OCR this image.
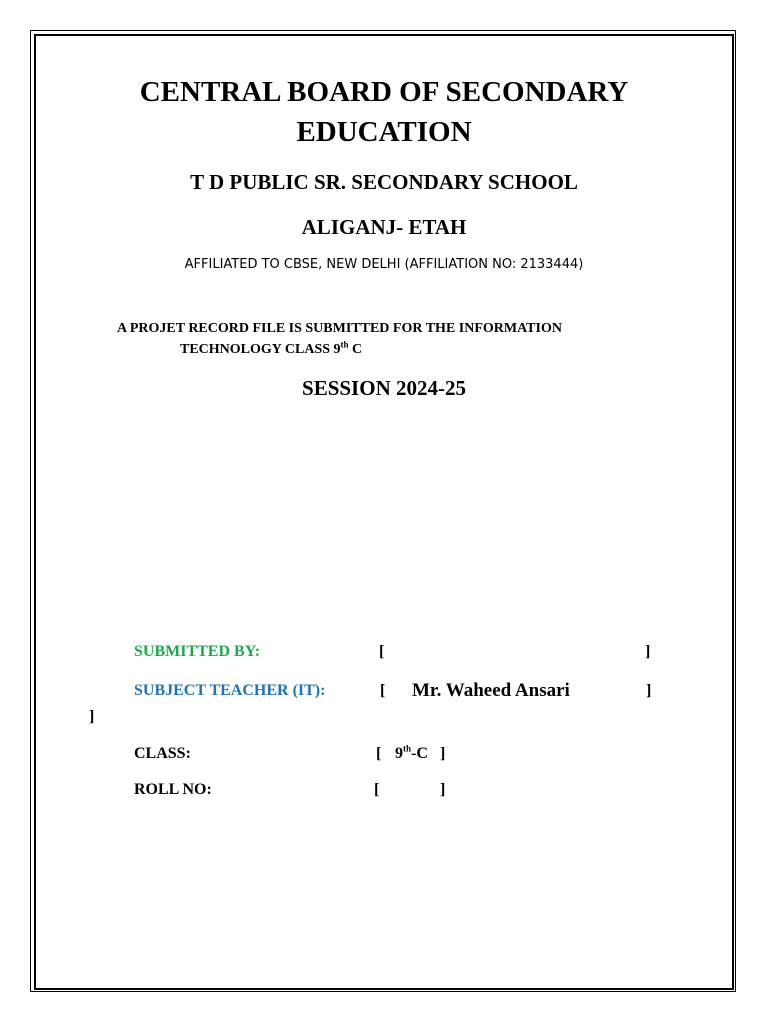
CENTRAL BOARD OF SECONDARY
EDUCATION
T D PUBLIC SR. SECONDARY SCHOOL
ALIGANJ- ETAH
AFFILIATED TO CBSE, NEW DELHI (AFFILIATION NO: 2133444)
A PROJET RECORD FILE IS SUBMITTED FOR THE INFORMATION
TECHNOLOGY CLASS 9th C
SESSION 2024-25
SUBMITTED BY:	[	]
SUBJECT TEACHER (IT):	[ Mr. Waheed Ansari	]
]
CLASS:	[ 9th-C ]
ROLL NO:	[	]
